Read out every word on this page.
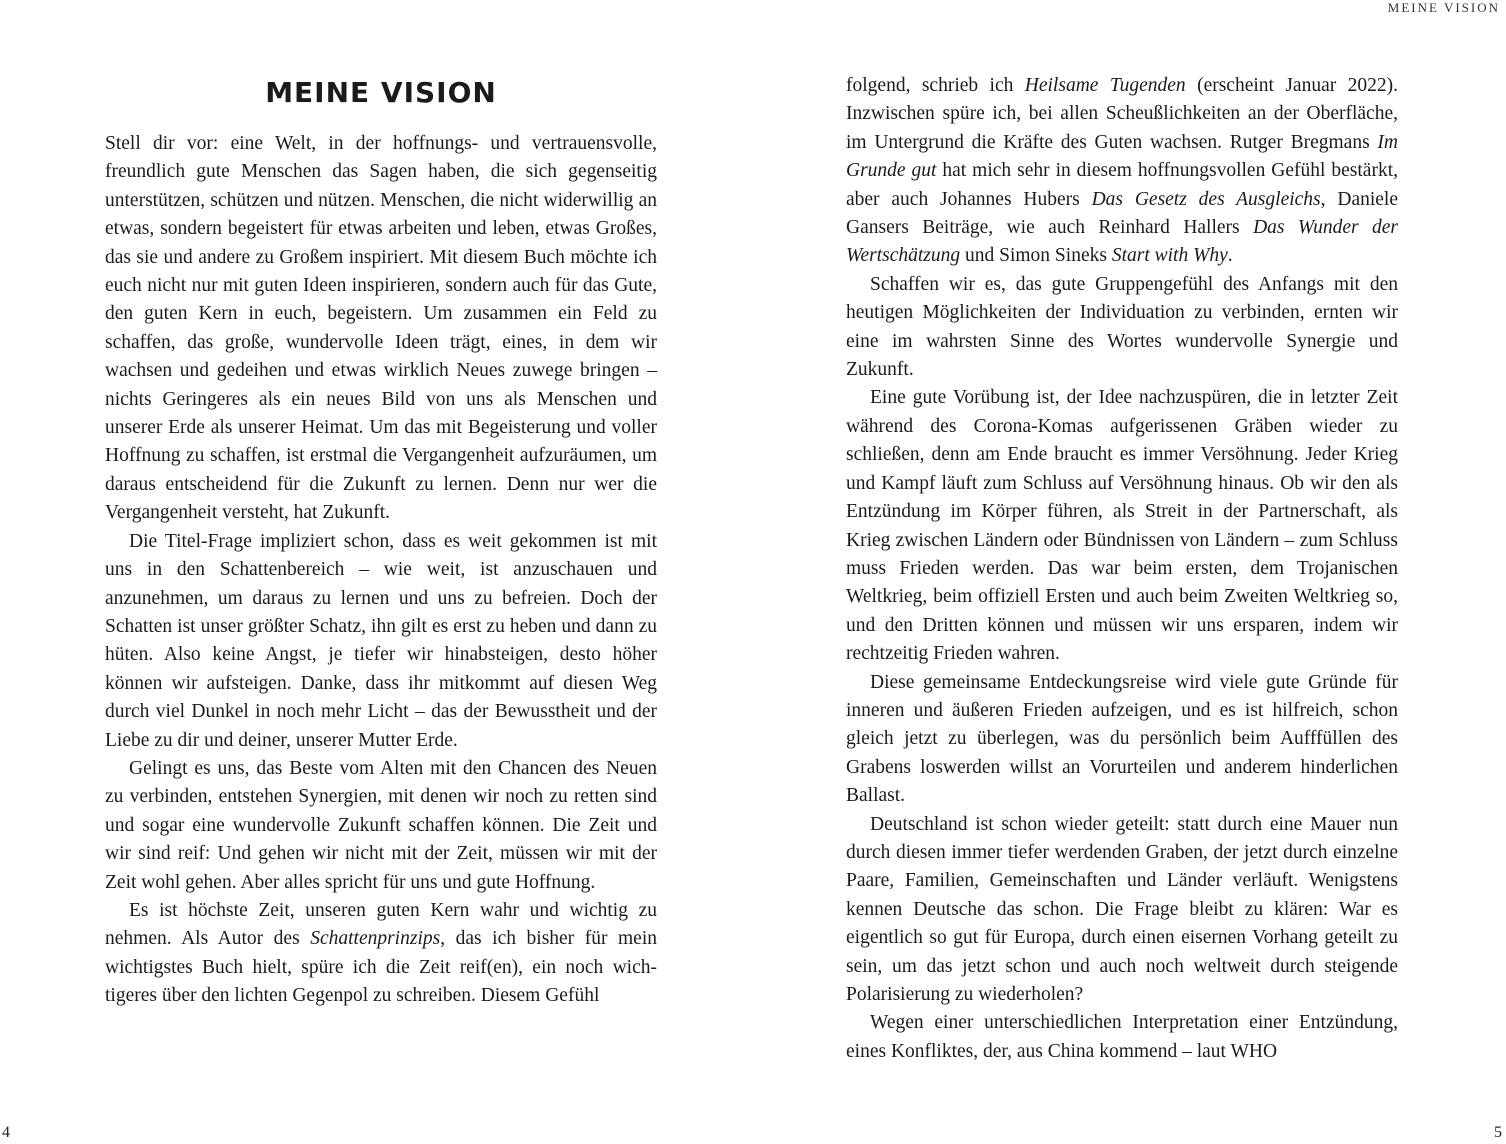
MEINE VISION
MEINE VISION

Stell dir vor: eine Welt, in der hoffnungs- und vertrauensvolle, freundlich gute Menschen das Sagen haben, die sich gegenseitig unterstützen, schützen und nützen. Menschen, die nicht widerwillig an etwas, sondern begeistert für etwas arbeiten und leben, etwas Großes, das sie und andere zu Großem inspiriert. Mit diesem Buch möchte ich euch nicht nur mit guten Ideen inspirieren, sondern auch für das Gute, den guten Kern in euch, begeistern. Um zusammen ein Feld zu schaffen, das große, wundervolle Ideen trägt, eines, in dem wir wachsen und gedeihen und etwas wirklich Neues zuwege bringen – nichts Geringeres als ein neues Bild von uns als Menschen und unserer Erde als unserer Heimat. Um das mit Begeisterung und voller Hoffnung zu schaffen, ist erstmal die Vergangenheit aufzuräumen, um daraus entscheidend für die Zukunft zu lernen. Denn nur wer die Vergangenheit versteht, hat Zukunft.

Die Titel-Frage impliziert schon, dass es weit gekommen ist mit uns in den Schattenbereich – wie weit, ist anzuschauen und anzunehmen, um daraus zu lernen und uns zu befreien. Doch der Schatten ist unser größter Schatz, ihn gilt es erst zu heben und dann zu hüten. Also keine Angst, je tiefer wir hinabsteigen, desto höher können wir aufsteigen. Danke, dass ihr mitkommt auf diesen Weg durch viel Dunkel in noch mehr Licht – das der Bewusstheit und der Liebe zu dir und deiner, unserer Mutter Erde.

Gelingt es uns, das Beste vom Alten mit den Chancen des Neuen zu verbinden, entstehen Synergien, mit denen wir noch zu retten sind und sogar eine wundervolle Zukunft schaffen können. Die Zeit und wir sind reif: Und gehen wir nicht mit der Zeit, müssen wir mit der Zeit wohl gehen. Aber alles spricht für uns und gute Hoffnung.

Es ist höchste Zeit, unseren guten Kern wahr und wichtig zu nehmen. Als Autor des Schattenprinzips, das ich bisher für mein wichtigstes Buch hielt, spüre ich die Zeit reif(en), ein noch wichtigeres über den lichten Gegenpol zu schreiben. Diesem Gefühl

folgend, schrieb ich Heilsame Tugenden (erscheint Januar 2022). Inzwischen spüre ich, bei allen Scheußlichkeiten an der Oberfläche, im Untergrund die Kräfte des Guten wachsen. Rutger Bregmans Im Grunde gut hat mich sehr in diesem hoffnungsvollen Gefühl bestärkt, aber auch Johannes Hubers Das Gesetz des Ausgleichs, Daniele Gansers Beiträge, wie auch Reinhard Hallers Das Wunder der Wertschätzung und Simon Sineks Start with Why.

Schaffen wir es, das gute Gruppengefühl des Anfangs mit den heutigen Möglichkeiten der Individuation zu verbinden, ernten wir eine im wahrsten Sinne des Wortes wundervolle Synergie und Zukunft.

Eine gute Vorübung ist, der Idee nachzuspüren, die in letzter Zeit während des Corona-Komas aufgerissenen Gräben wieder zu schließen, denn am Ende braucht es immer Versöhnung. Jeder Krieg und Kampf läuft zum Schluss auf Versöhnung hinaus. Ob wir den als Entzündung im Körper führen, als Streit in der Partnerschaft, als Krieg zwischen Ländern oder Bündnissen von Ländern – zum Schluss muss Frieden werden. Das war beim ersten, dem Trojanischen Weltkrieg, beim offiziell Ersten und auch beim Zweiten Weltkrieg so, und den Dritten können und müssen wir uns ersparen, indem wir rechtzeitig Frieden wahren.

Diese gemeinsame Entdeckungsreise wird viele gute Gründe für inneren und äußeren Frieden aufzeigen, und es ist hilfreich, schon gleich jetzt zu überlegen, was du persönlich beim Aufffüllen des Grabens loswerden willst an Vorurteilen und anderem hinderlichen Ballast.

Deutschland ist schon wieder geteilt: statt durch eine Mauer nun durch diesen immer tiefer werdenden Graben, der jetzt durch einzelne Paare, Familien, Gemeinschaften und Länder verläuft. Wenigstens kennen Deutsche das schon. Die Frage bleibt zu klären: War es eigentlich so gut für Europa, durch einen eisernen Vorhang geteilt zu sein, um das jetzt schon und auch noch weltweit durch steigende Polarisierung zu wiederholen?

Wegen einer unterschiedlichen Interpretation einer Entzündung, eines Konfliktes, der, aus China kommend – laut WHO

4	5
